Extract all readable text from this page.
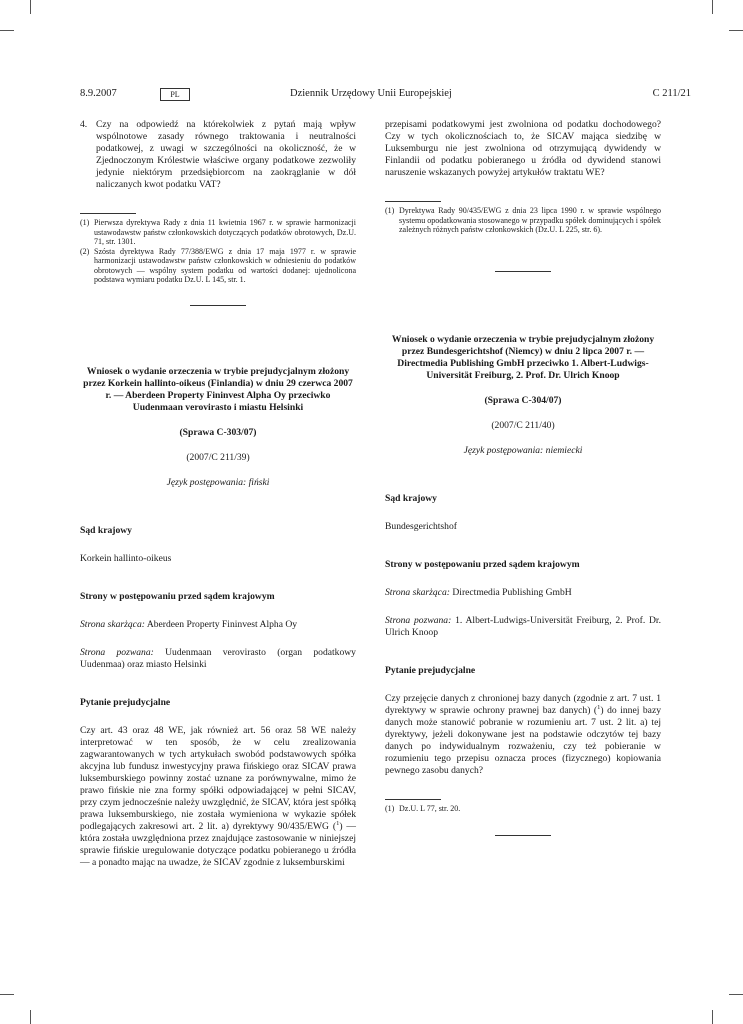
8.9.2007	PL	Dziennik Urzędowy Unii Europejskiej	C 211/21
4. Czy na odpowiedź na którekolwiek z pytań mają wpływ wspólnotowe zasady równego traktowania i neutralności podatkowej, z uwagi w szczególności na okoliczność, że w Zjednoczonym Królestwie właściwe organy podatkowe zezwoliły jedynie niektórym przedsiębiorcom na zaokrąglanie w dół naliczanych kwot podatku VAT?

(1) Pierwsza dyrektywa Rady z dnia 11 kwietnia 1967 r. w sprawie harmonizacji ustawodawstw państw członkowskich dotyczących podatków obrotowych, Dz.U. 71, str. 1301.

(2) Szósta dyrektywa Rady 77/388/EWG z dnia 17 maja 1977 r. w sprawie harmonizacji ustawodawstw państw członkowskich w odniesieniu do podatków obrotowych — wspólny system podatku od wartości dodanej: ujednolicona podstawa wymiaru podatku Dz.U. L 145, str. 1.

Wniosek o wydanie orzeczenia w trybie prejudycjalnym złożony przez Korkein hallinto-oikeus (Finlandia) w dniu 29 czerwca 2007 r. — Aberdeen Property Fininvest Alpha Oy przeciwko Uudenmaan verovirasto i miastu Helsinki

(Sprawa C-303/07)

(2007/C 211/39)

Język postępowania: fiński

Sąd krajowy

Korkein hallinto-oikeus

Strony w postępowaniu przed sądem krajowym

Strona skarżąca: Aberdeen Property Fininvest Alpha Oy

Strona pozwana: Uudenmaan verovirasto (organ podatkowy Uudenmaa) oraz miasto Helsinki

Pytanie prejudycjalne

Czy art. 43 oraz 48 WE, jak również art. 56 oraz 58 WE należy interpretować w ten sposób, że w celu zrealizowania zagwarantowanych w tych artykułach swobód podstawowych spółka akcyjna lub fundusz inwestycyjny prawa fińskiego oraz SICAV prawa luksemburskiego powinny zostać uznane za porównywalne, mimo że prawo fińskie nie zna formy spółki odpowiadającej w pełni SICAV, przy czym jednocześnie należy uwzględnić, że SICAV, która jest spółką prawa luksemburskiego, nie została wymieniona w wykazie spółek podlegających zakresowi art. 2 lit. a) dyrektywy 90/435/EWG ($^1$) — która została uwzględniona przez znajdujące zastosowanie w niniejszej sprawie fińskie uregulowanie dotyczące podatku pobieranego u źródła — a ponadto mając na uwadze, że SICAV zgodnie z luksemburskimi

przepisami podatkowymi jest zwolniona od podatku dochodowego? Czy w tych okolicznościach to, że SICAV mająca siedzibę w Luksemburgu nie jest zwolniona od otrzymującą dywidendy w Finlandii od podatku pobieranego u źródła od dywidend stanowi naruszenie wskazanych powyżej artykułów traktatu WE?

(1) Dyrektywa Rady 90/435/EWG z dnia 23 lipca 1990 r. w sprawie wspólnego systemu opodatkowania stosowanego w przypadku spółek dominujących i spółek zależnych różnych państw członkowskich (Dz.U. L 225, str. 6).

Wniosek o wydanie orzeczenia w trybie prejudycjalnym złożony przez Bundesgerichtshof (Niemcy) w dniu 2 lipca 2007 r. — Directmedia Publishing GmbH przeciwko 1. Albert-Ludwigs-Universität Freiburg, 2. Prof. Dr. Ulrich Knoop

(Sprawa C-304/07)

(2007/C 211/40)

Język postępowania: niemiecki

Sąd krajowy

Bundesgerichtshof

Strony w postępowaniu przed sądem krajowym

Strona skarżąca: Directmedia Publishing GmbH

Strona pozwana: 1. Albert-Ludwigs-Universität Freiburg, 2. Prof. Dr. Ulrich Knoop

Pytanie prejudycjalne

Czy przejęcie danych z chronionej bazy danych (zgodnie z art. 7 ust. 1 dyrektywy w sprawie ochrony prawnej baz danych) ($^1$) do innej bazy danych może stanowić pobranie w rozumieniu art. 7 ust. 2 lit. a) tej dyrektywy, jeżeli dokonywane jest na podstawie odczytów tej bazy danych po indywidualnym rozważeniu, czy też pobieranie w rozumieniu tego przepisu oznacza proces (fizycznego) kopiowania pewnego zasobu danych?

(1) Dz.U. L 77, str. 20.
